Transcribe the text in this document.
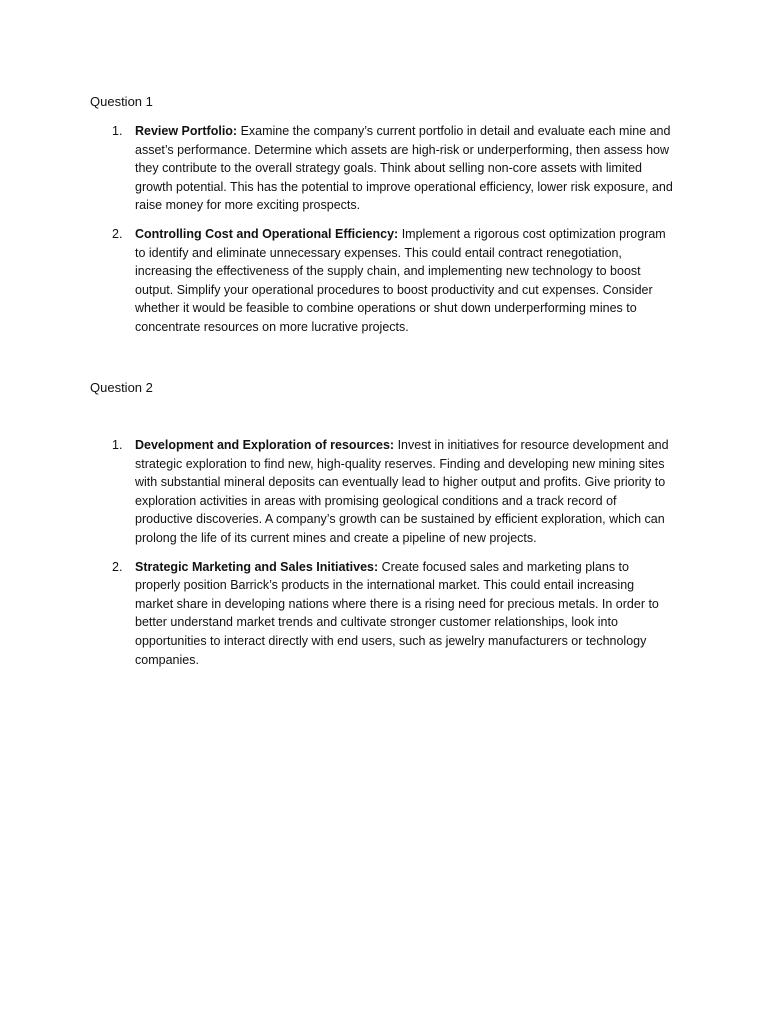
Question 1
1.	Review Portfolio: Examine the company’s current portfolio in detail and evaluate each mine and asset’s performance. Determine which assets are high-risk or underperforming, then assess how they contribute to the overall strategy goals. Think about selling non-core assets with limited growth potential. This has the potential to improve operational efficiency, lower risk exposure, and raise money for more exciting prospects.
2.	Controlling Cost and Operational Efficiency: Implement a rigorous cost optimization program to identify and eliminate unnecessary expenses. This could entail contract renegotiation, increasing the effectiveness of the supply chain, and implementing new technology to boost output. Simplify your operational procedures to boost productivity and cut expenses. Consider whether it would be feasible to combine operations or shut down underperforming mines to concentrate resources on more lucrative projects.
Question 2
1.	Development and Exploration of resources: Invest in initiatives for resource development and strategic exploration to find new, high-quality reserves. Finding and developing new mining sites with substantial mineral deposits can eventually lead to higher output and profits. Give priority to exploration activities in areas with promising geological conditions and a track record of productive discoveries. A company’s growth can be sustained by efficient exploration, which can prolong the life of its current mines and create a pipeline of new projects.
2.	Strategic Marketing and Sales Initiatives: Create focused sales and marketing plans to properly position Barrick’s products in the international market. This could entail increasing market share in developing nations where there is a rising need for precious metals. In order to better understand market trends and cultivate stronger customer relationships, look into opportunities to interact directly with end users, such as jewelry manufacturers or technology companies.
